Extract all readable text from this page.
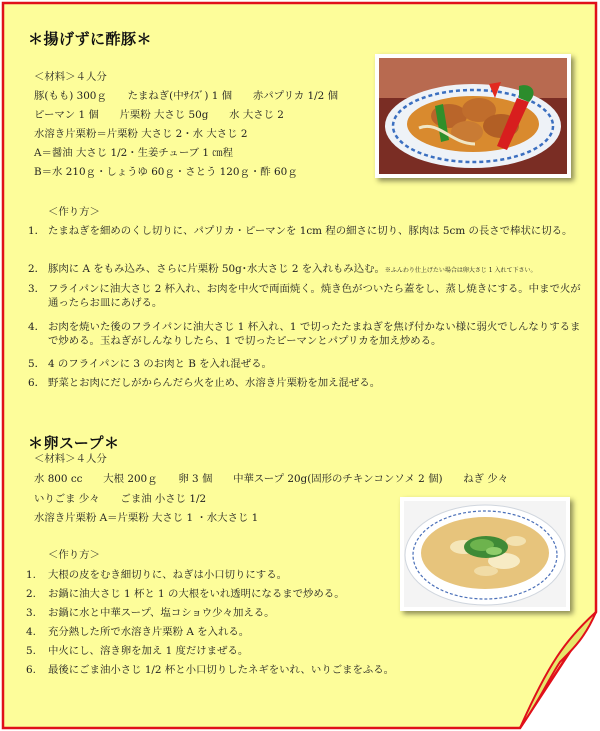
＊揚げずに酢豚＊
＜材料＞４人分
豚(もも) 300ｇ　　たまねぎ(中ｻｲｽﾞ) 1 個　　赤パプリカ 1/2 個
ピーマン 1 個　　片栗粉 大さじ 50g　　水 大さじ 2
水溶き片栗粉＝片栗粉 大さじ 2・水 大さじ 2
A＝醤油 大さじ 1/2・生姜チューブ 1 ㎝程
B＝水 210ｇ・しょうゆ 60ｇ・さとう 120ｇ・酢 60ｇ
＜作り方＞
1． たまねぎを細めのくし切りに、パプリカ・ピーマンを 1cm 程の細さに切り、豚肉は 5cm の長さで棒状に切る。
2． 豚肉に A をもみ込み、さらに片栗粉 50g･水大さじ 2 を入れもみ込む。※ふんわり仕上げたい場合は卵大さじ 1 入れて下さい。
3． フライパンに油大さじ 2 杯入れ、お肉を中火で両面焼く。焼き色がついたら蓋をし、蒸し焼きにする。中まで火が通ったらお皿にあげる。
4． お肉を焼いた後のフライパンに油大さじ 1 杯入れ、1 で切ったたまねぎを焦げ付かない様に弱火でしんなりするまで炒める。玉ねぎがしんなりしたら、1 で切ったピーマンとパプリカを加え炒める。
5． 4 のフライパンに 3 のお肉と B を入れ混ぜる。
6． 野菜とお肉にだしがからんだら火を止め、水溶き片栗粉を加え混ぜる。
＊卵スープ＊
＜材料＞４人分
水 800 cc　　大根 200ｇ　　卵 3 個　　中華スープ 20g(固形のチキンコンソメ 2 個)　　ねぎ 少々
いりごま 少々　　ごま油 小さじ 1/2
水溶き片栗粉 A＝片栗粉 大さじ 1 ・水大さじ 1
＜作り方＞
1. 大根の皮をむき細切りに、ねぎは小口切りにする。
2. お鍋に油大さじ 1 杯と 1 の大根をいれ透明になるまで炒める。
3. お鍋に水と中華スープ、塩コショウ少々加える。
4. 充分熱した所で水溶き片栗粉 A を入れる。
5. 中火にし、溶き卵を加え 1 度だけまぜる。
6. 最後にごま油小さじ 1/2 杯と小口切りしたネギをいれ、いりごまをふる。
